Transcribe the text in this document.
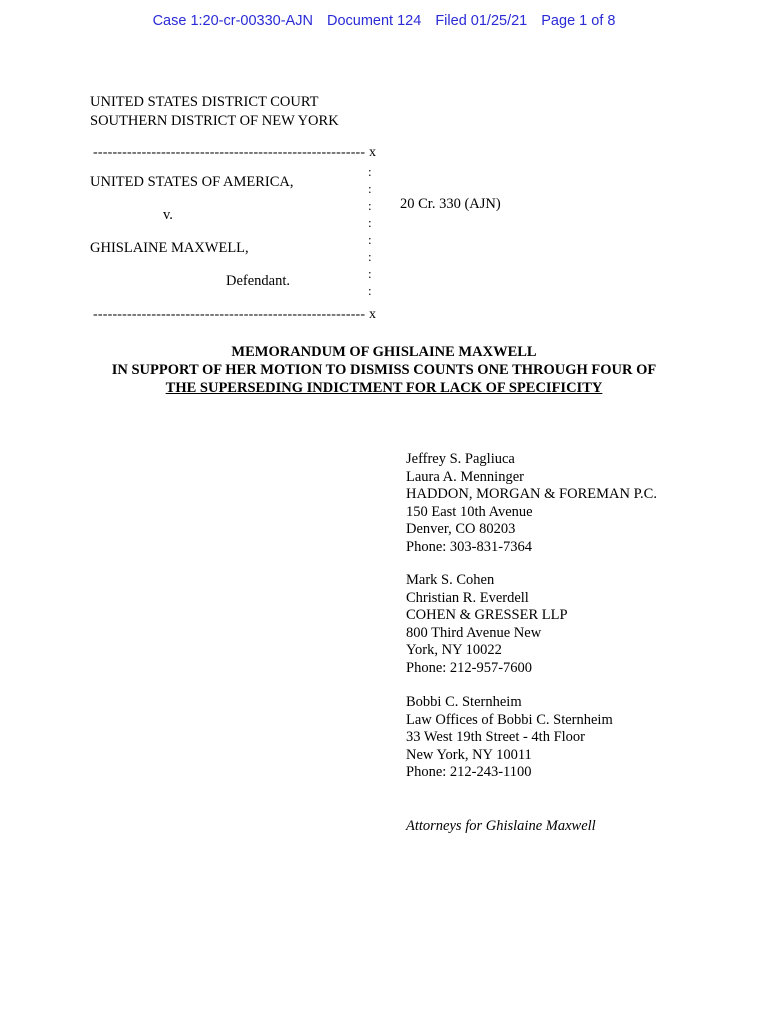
Case 1:20-cr-00330-AJN Document 124 Filed 01/25/21 Page 1 of 8
UNITED STATES DISTRICT COURT
SOUTHERN DISTRICT OF NEW YORK
-------------------------------------------------------- x
UNITED STATES OF AMERICA,
v.
GHISLAINE MAXWELL,
Defendant.
20 Cr. 330 (AJN)
:
:
:
:
:
:
:
:
-------------------------------------------------------- x
MEMORANDUM OF GHISLAINE MAXWELL
IN SUPPORT OF HER MOTION TO DISMISS COUNTS ONE THROUGH FOUR OF
THE SUPERSEDING INDICTMENT FOR LACK OF SPECIFICITY
Jeffrey S. Pagliuca
Laura A. Menninger
HADDON, MORGAN & FOREMAN P.C.
150 East 10th Avenue
Denver, CO 80203
Phone: 303-831-7364
Mark S. Cohen
Christian R. Everdell
COHEN & GRESSER LLP
800 Third Avenue New
York, NY 10022
Phone: 212-957-7600
Bobbi C. Sternheim
Law Offices of Bobbi C. Sternheim
33 West 19th Street - 4th Floor
New York, NY 10011
Phone: 212-243-1100
Attorneys for Ghislaine Maxwell
